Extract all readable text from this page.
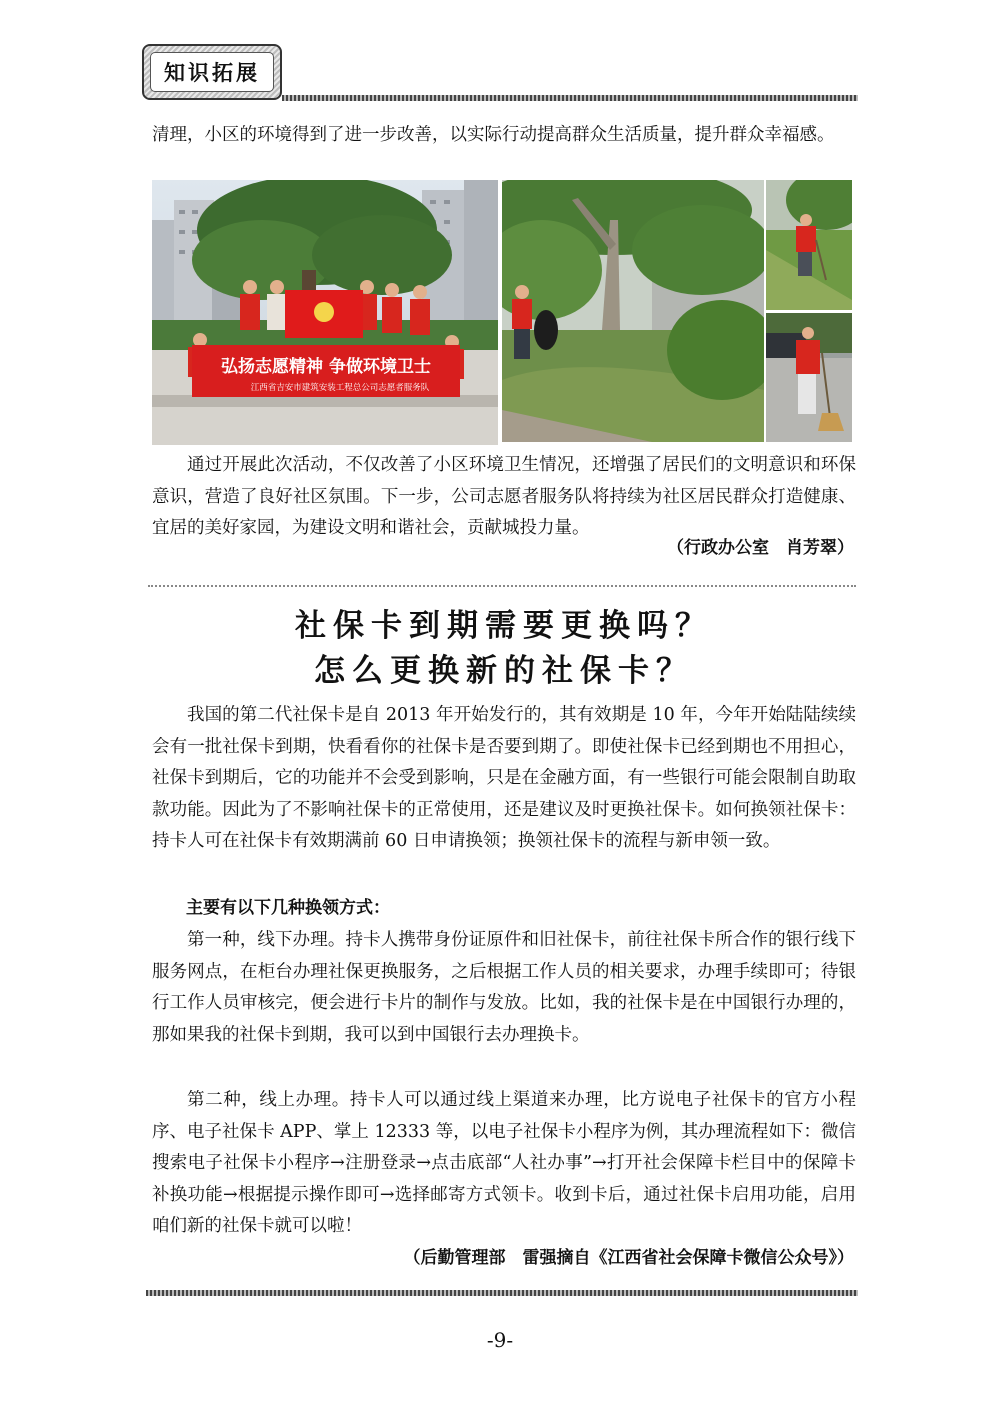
知识拓展

清理，小区的环境得到了进一步改善，以实际行动提高群众生活质量，提升群众幸福感。

弘扬志愿精神 争做环境卫士
江西省吉安市建筑安装工程总公司志愿者服务队

通过开展此次活动，不仅改善了小区环境卫生情况，还增强了居民们的文明意识和环保意识，营造了良好社区氛围。下一步，公司志愿者服务队将持续为社区居民群众打造健康、宜居的美好家园，为建设文明和谐社会，贡献城投力量。

（行政办公室　肖芳翠）

社保卡到期需要更换吗？

怎么更换新的社保卡？

我国的第二代社保卡是自 2013 年开始发行的，其有效期是 10 年，今年开始陆陆续续会有一批社保卡到期，快看看你的社保卡是否要到期了。即使社保卡已经到期也不用担心，社保卡到期后，它的功能并不会受到影响，只是在金融方面，有一些银行可能会限制自助取款功能。因此为了不影响社保卡的正常使用，还是建议及时更换社保卡。如何换领社保卡：持卡人可在社保卡有效期满前 60 日申请换领；换领社保卡的流程与新申领一致。

主要有以下几种换领方式：

第一种，线下办理。持卡人携带身份证原件和旧社保卡，前往社保卡所合作的银行线下服务网点，在柜台办理社保更换服务，之后根据工作人员的相关要求，办理手续即可；待银行工作人员审核完，便会进行卡片的制作与发放。比如，我的社保卡是在中国银行办理的，那如果我的社保卡到期，我可以到中国银行去办理换卡。

第二种，线上办理。持卡人可以通过线上渠道来办理，比方说电子社保卡的官方小程序、电子社保卡 APP、掌上 12333 等，以电子社保卡小程序为例，其办理流程如下：微信搜索电子社保卡小程序→注册登录→点击底部“人社办事”→打开社会保障卡栏目中的保障卡补换功能→根据提示操作即可→选择邮寄方式领卡。收到卡后，通过社保卡启用功能，启用咱们新的社保卡就可以啦！

（后勤管理部　雷强摘自《江西省社会保障卡微信公众号》）
-9-
